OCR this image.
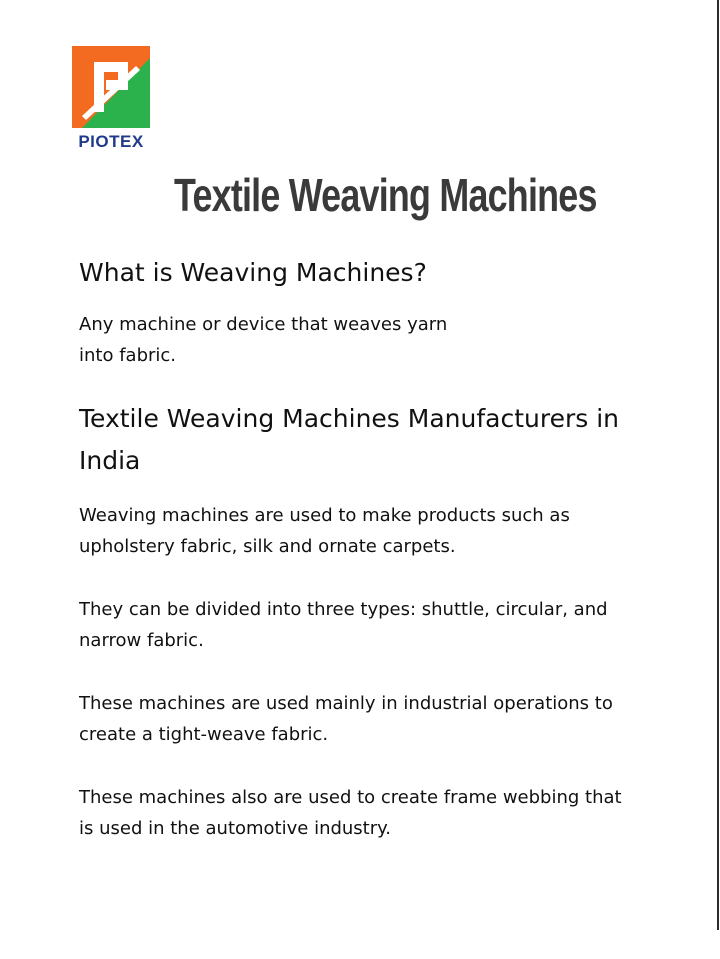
PIOTEX
Textile Weaving Machines
What is Weaving Machines?

Any machine or device that weaves yarn
into fabric.

Textile Weaving Machines Manufacturers in
India

Weaving machines are used to make products such as
upholstery fabric, silk and ornate carpets.

They can be divided into three types: shuttle, circular, and
narrow fabric.

These machines are used mainly in industrial operations to
create a tight-weave fabric.

These machines also are used to create frame webbing that
is used in the automotive industry.
